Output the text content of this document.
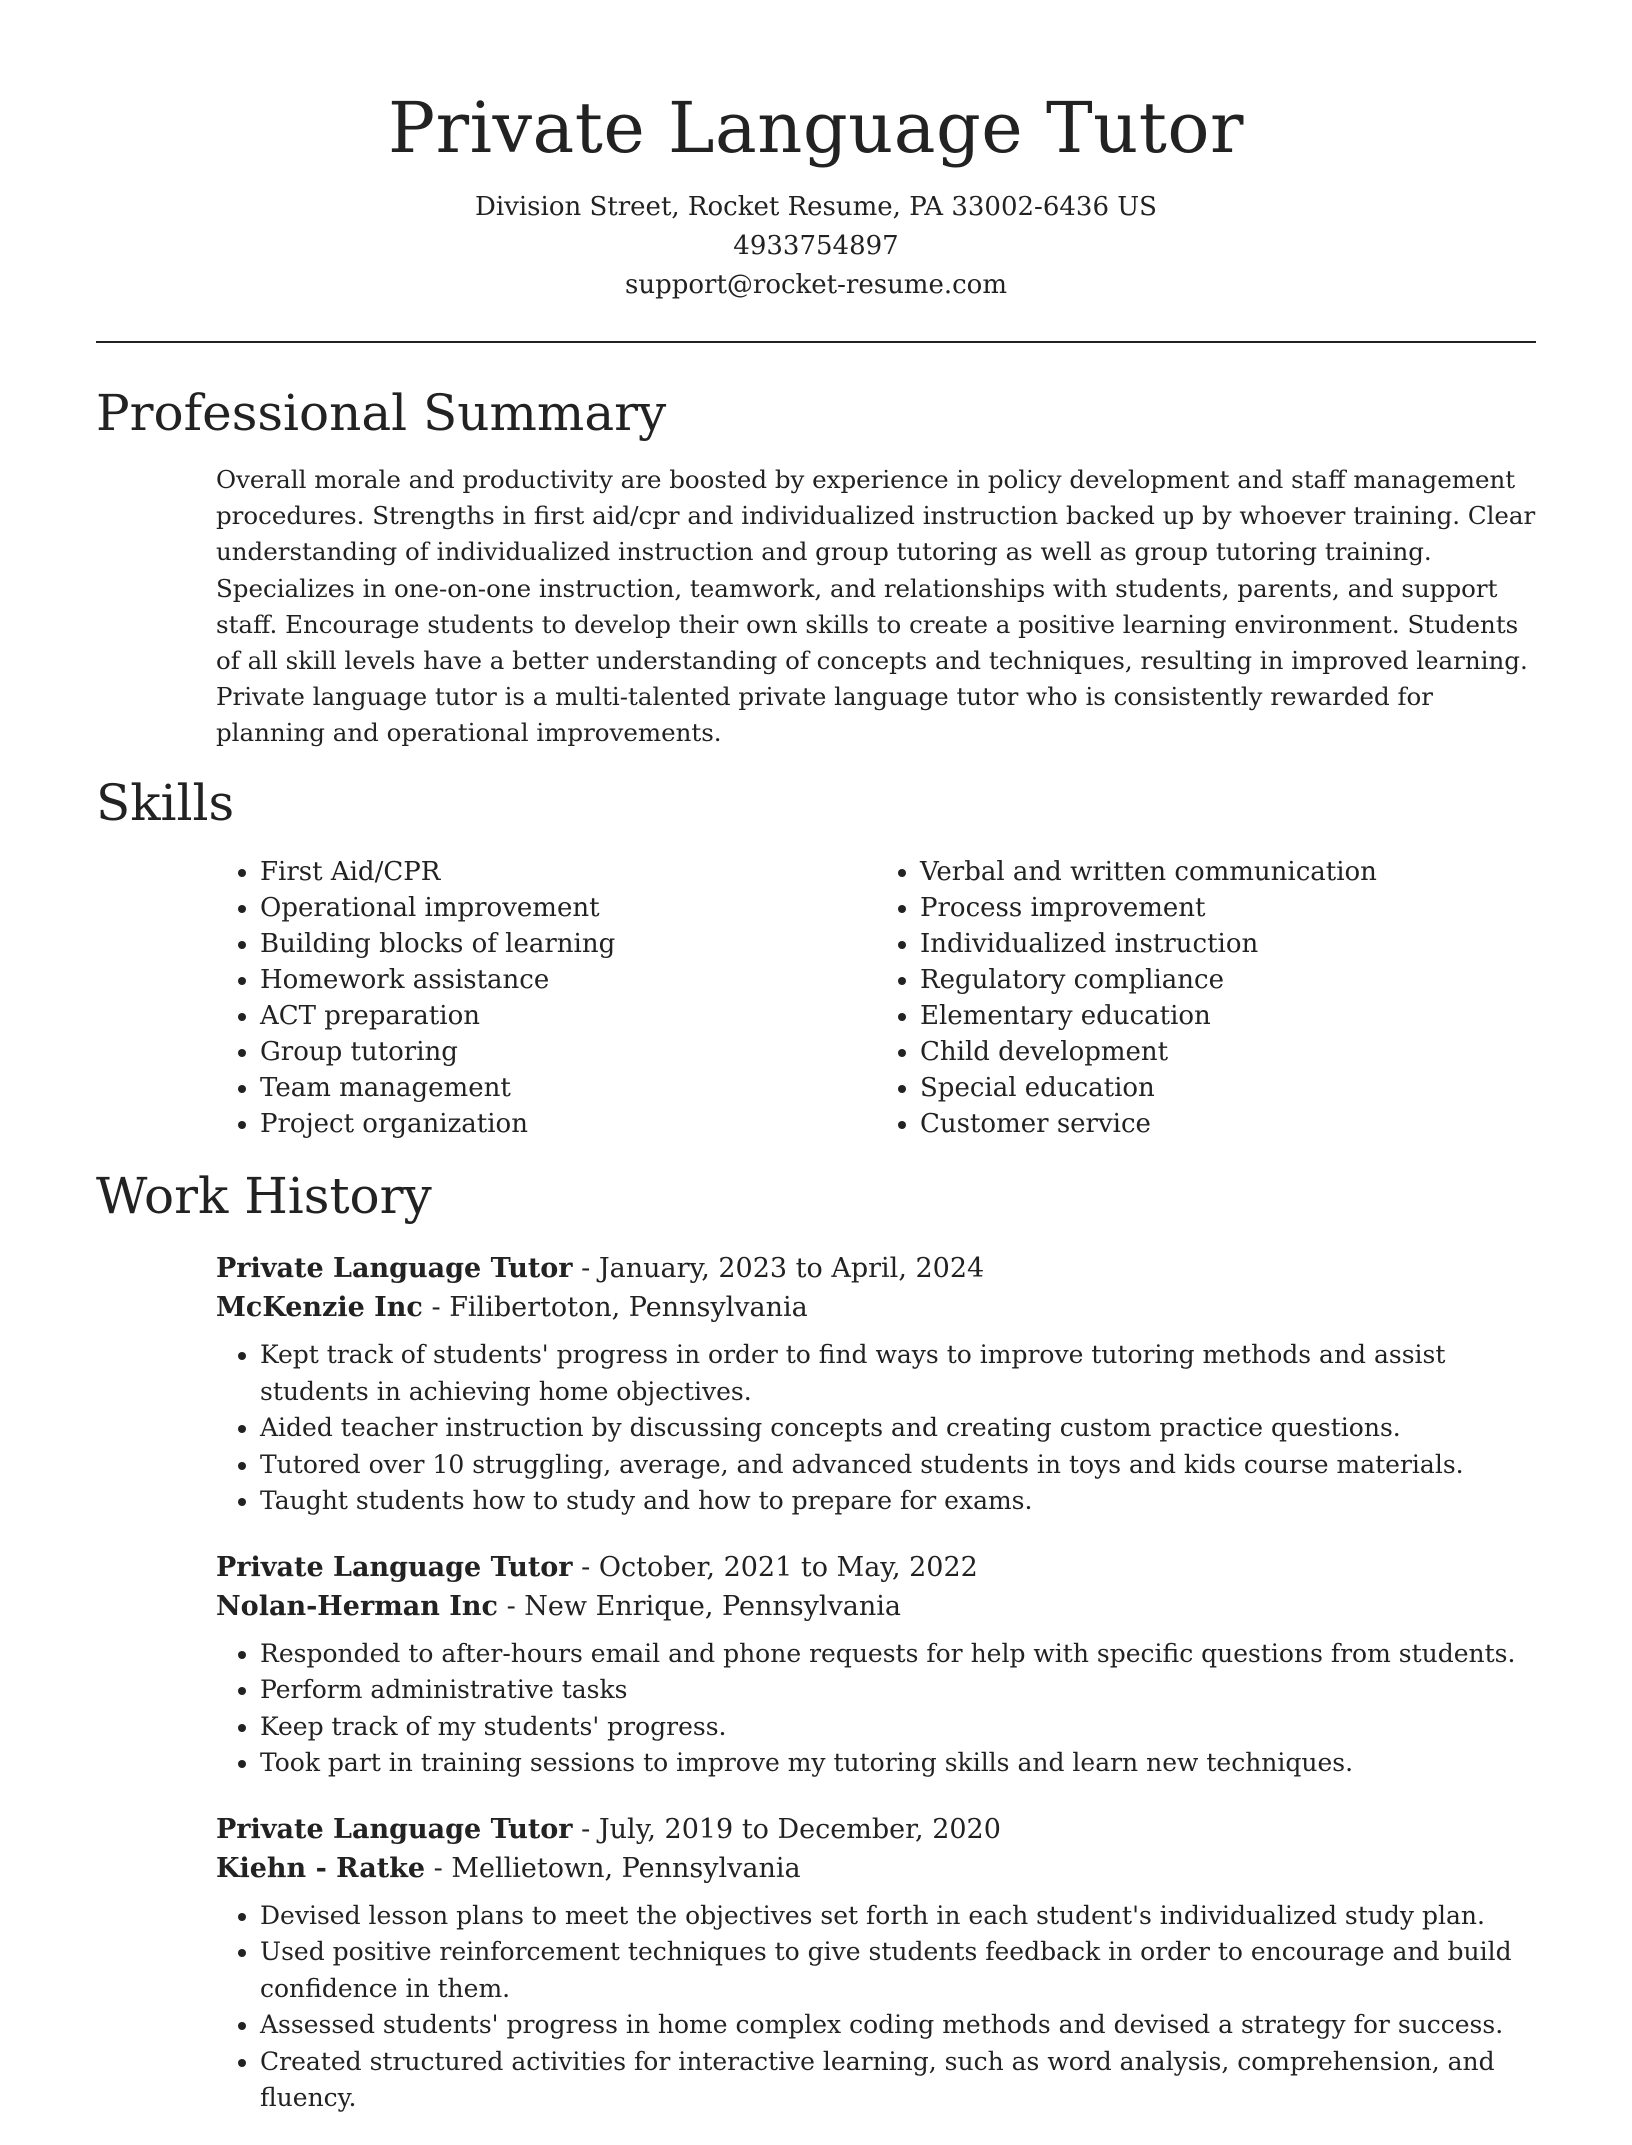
Private Language Tutor
Division Street, Rocket Resume, PA 33002-6436 US
4933754897
support@rocket-resume.com
Professional Summary

Overall morale and productivity are boosted by experience in policy development and staff management procedures. Strengths in first aid/cpr and individualized instruction backed up by whoever training. Clear understanding of individualized instruction and group tutoring as well as group tutoring training. Specializes in one-on-one instruction, teamwork, and relationships with students, parents, and support staff. Encourage students to develop their own skills to create a positive learning environment. Students of all skill levels have a better understanding of concepts and techniques, resulting in improved learning. Private language tutor is a multi-talented private language tutor who is consistently rewarded for planning and operational improvements.

Skills
• First Aid/CPR
• Operational improvement
• Building blocks of learning
• Homework assistance
• ACT preparation
• Group tutoring
• Team management
• Project organization
• Verbal and written communication
• Process improvement
• Individualized instruction
• Regulatory compliance
• Elementary education
• Child development
• Special education
• Customer service
Work History
Private Language Tutor - January, 2023 to April, 2024
McKenzie Inc - Filibertoton, Pennsylvania
• Kept track of students' progress in order to find ways to improve tutoring methods and assist students in achieving home objectives.
• Aided teacher instruction by discussing concepts and creating custom practice questions.
• Tutored over 10 struggling, average, and advanced students in toys and kids course materials.
• Taught students how to study and how to prepare for exams.
Private Language Tutor - October, 2021 to May, 2022
Nolan-Herman Inc - New Enrique, Pennsylvania
• Responded to after-hours email and phone requests for help with specific questions from students.
• Perform administrative tasks
• Keep track of my students' progress.
• Took part in training sessions to improve my tutoring skills and learn new techniques.
Private Language Tutor - July, 2019 to December, 2020
Kiehn - Ratke - Mellietown, Pennsylvania
• Devised lesson plans to meet the objectives set forth in each student's individualized study plan.
• Used positive reinforcement techniques to give students feedback in order to encourage and build confidence in them.
• Assessed students' progress in home complex coding methods and devised a strategy for success.
• Created structured activities for interactive learning, such as word analysis, comprehension, and fluency.
